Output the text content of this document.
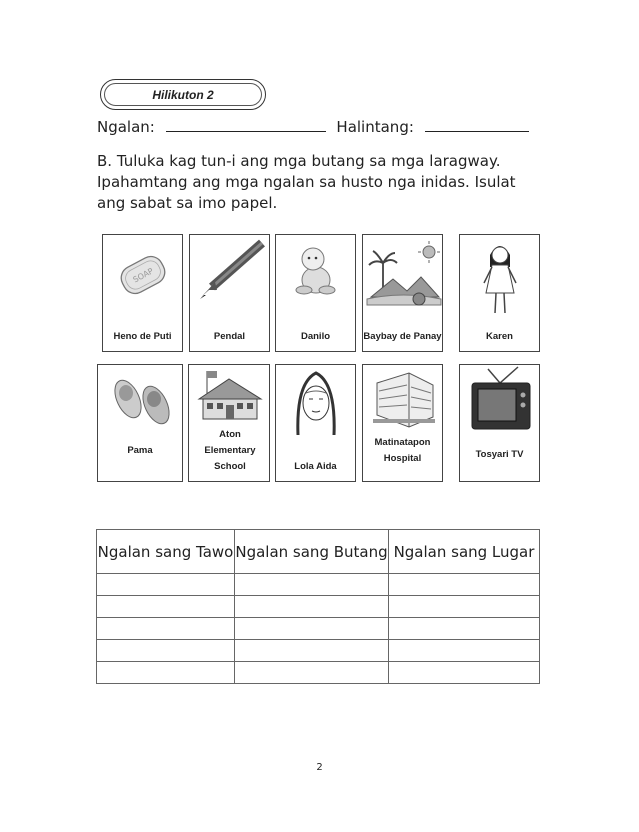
Hilikuton 2
Ngalan:	Halintang:
B. Tuluka kag tun-i ang mga butang sa mga laragway. Ipahamtang ang mga ngalan sa husto nga inidas. Isulat ang sabat sa imo papel.
SOAP
Heno de Puti	Pendal	Danilo	Baybay de Panay	Karen
Pama
Aton Elementary School	Lola Aida
Matinatapon Hospital	Tosyari TV
Ngalan sang Tawo	Ngalan sang Butang	Ngalan sang Lugar

2
